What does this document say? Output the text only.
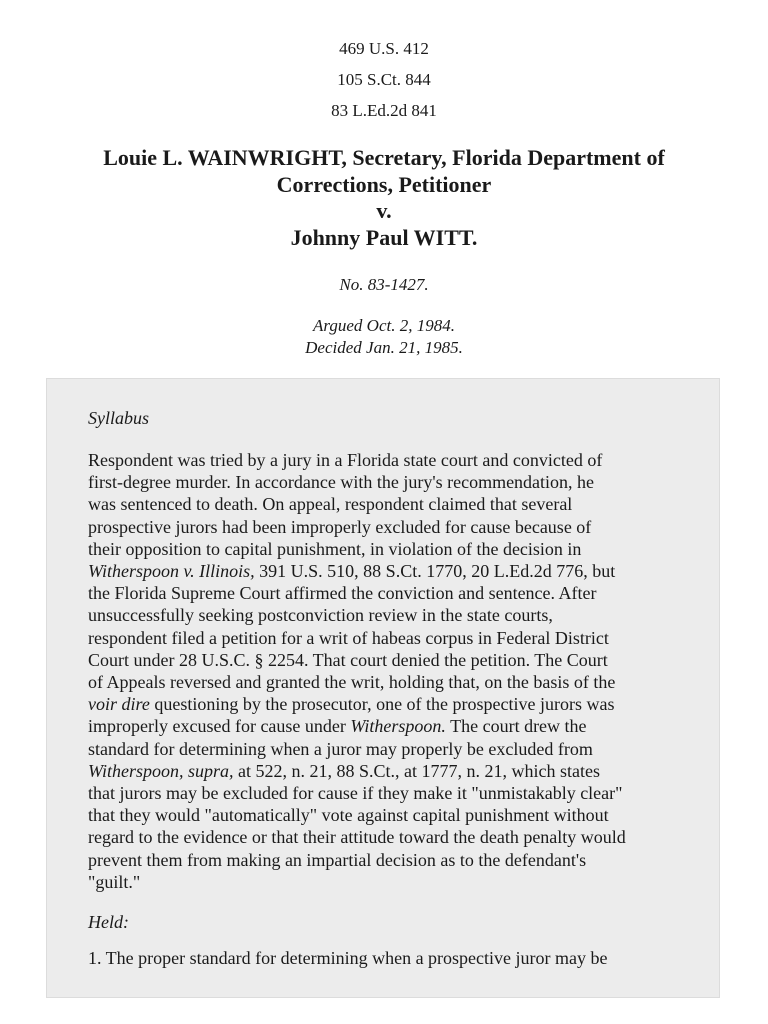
469 U.S. 412
105 S.Ct. 844
83 L.Ed.2d 841
Louie L. WAINWRIGHT, Secretary, Florida Department of
Corrections, Petitioner
v.
Johnny Paul WITT.
No. 83-1427.
Argued Oct. 2, 1984.
Decided Jan. 21, 1985.

Syllabus

Respondent was tried by a jury in a Florida state court and convicted of
first-degree murder. In accordance with the jury's recommendation, he
was sentenced to death. On appeal, respondent claimed that several
prospective jurors had been improperly excluded for cause because of
their opposition to capital punishment, in violation of the decision in
Witherspoon v. Illinois, 391 U.S. 510, 88 S.Ct. 1770, 20 L.Ed.2d 776, but
the Florida Supreme Court affirmed the conviction and sentence. After
unsuccessfully seeking postconviction review in the state courts,
respondent filed a petition for a writ of habeas corpus in Federal District
Court under 28 U.S.C. § 2254. That court denied the petition. The Court
of Appeals reversed and granted the writ, holding that, on the basis of the
voir dire questioning by the prosecutor, one of the prospective jurors was
improperly excused for cause under Witherspoon. The court drew the
standard for determining when a juror may properly be excluded from
Witherspoon, supra, at 522, n. 21, 88 S.Ct., at 1777, n. 21, which states
that jurors may be excluded for cause if they make it "unmistakably clear"
that they would "automatically" vote against capital punishment without
regard to the evidence or that their attitude toward the death penalty would
prevent them from making an impartial decision as to the defendant's
"guilt."

Held:

1. The proper standard for determining when a prospective juror may be
